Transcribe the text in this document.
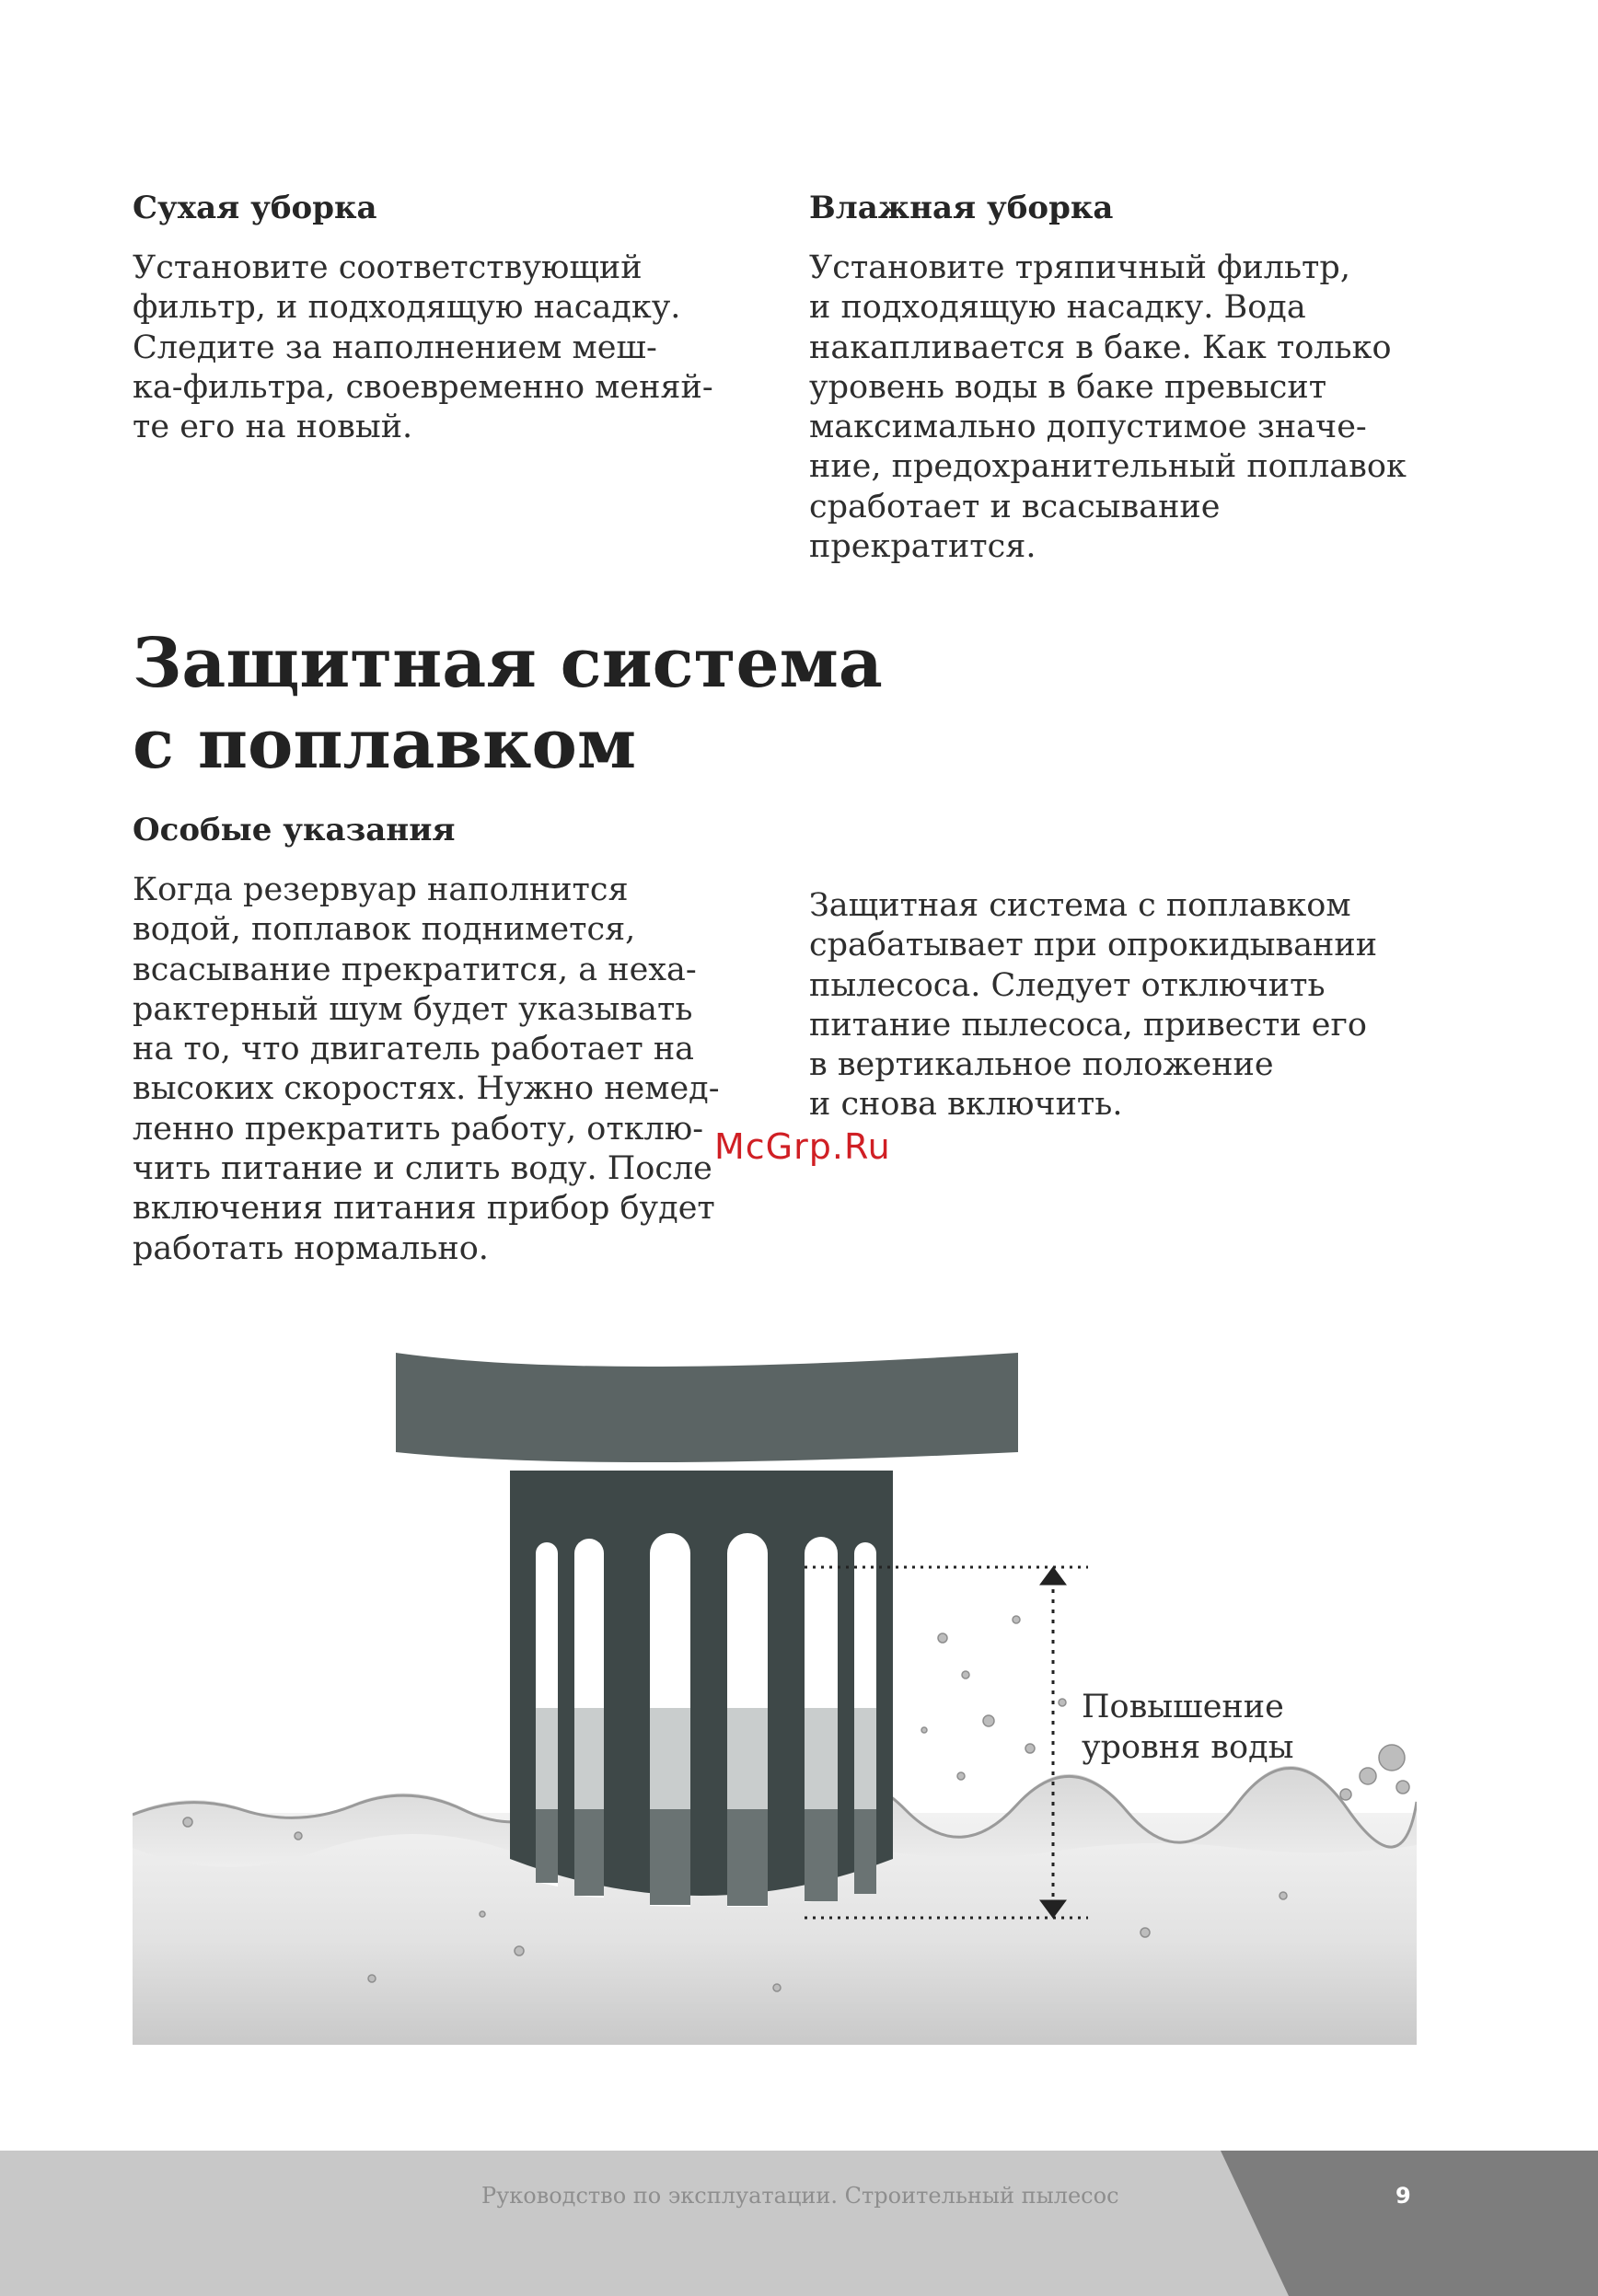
Сухая уборка

Установите соответствующий

фильтр, и подходящую насадку.

Следите за наполнением меш-

ка-фильтра, своевременно меняй-

те его на новый.

Влажная уборка

Установите тряпичный фильтр,

и подходящую насадку. Вода

накапливается в баке. Как только

уровень воды в баке превысит

максимально допустимое значе-

ние, предохранительный поплавок

сработает и всасывание

прекратится.

Защитная система
с поплавком
Особые указания

Когда резервуар наполнится

водой, поплавок поднимется,

всасывание прекратится, а неха-

рактерный шум будет указывать

на то, что двигатель работает на

высоких скоростях. Нужно немед-

ленно прекратить работу, отклю-

чить питание и слить воду. После

включения питания прибор будет

работать нормально.

Защитная система с поплавком

срабатывает при опрокидывании

пылесоса. Следует отключить

питание пылесоса, привести его

в вертикальное положение

и снова включить.

McGrp.Ru

Повышение

уровня воды

Руководство по эксплуатации. Строительный пылесос	9
